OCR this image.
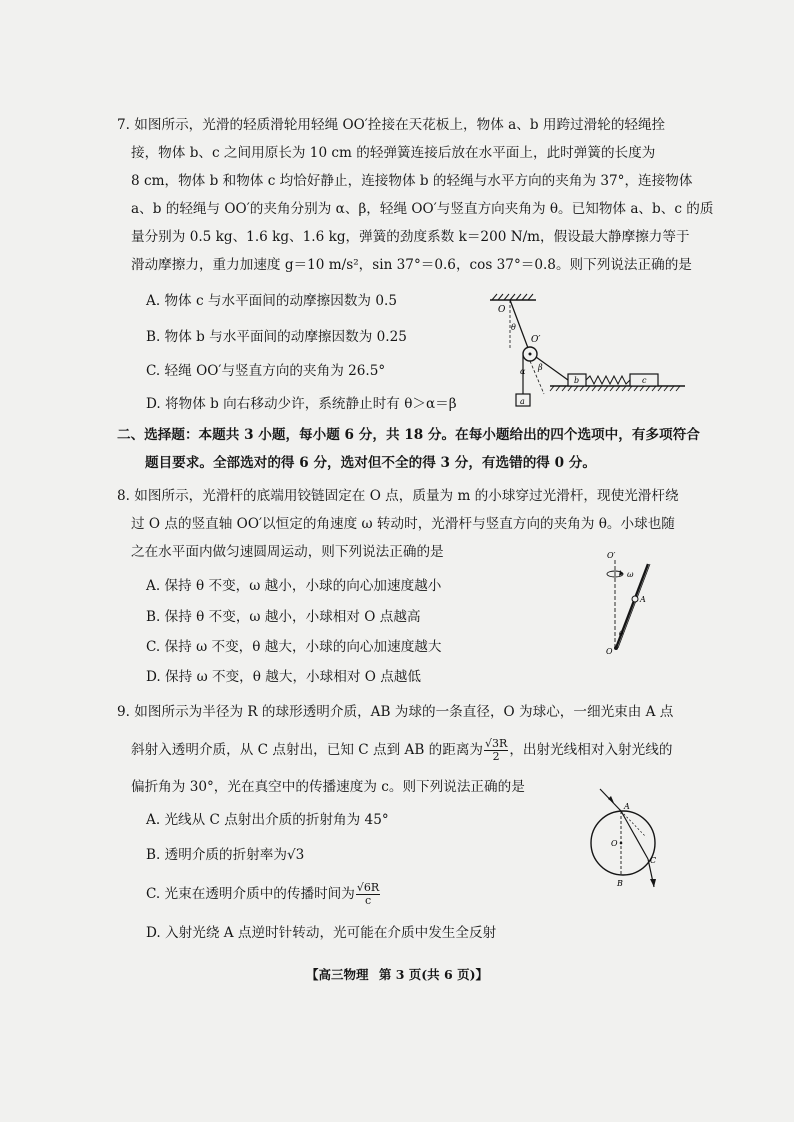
7. 如图所示，光滑的轻质滑轮用轻绳 OO′拴接在天花板上，物体 a、b 用跨过滑轮的轻绳拴
接，物体 b、c 之间用原长为 10 cm 的轻弹簧连接后放在水平面上，此时弹簧的长度为
8 cm，物体 b 和物体 c 均恰好静止，连接物体 b 的轻绳与水平方向的夹角为 37°，连接物体
a、b 的轻绳与 OO′的夹角分别为 α、β，轻绳 OO′与竖直方向夹角为 θ。已知物体 a、b、c 的质
量分别为 0.5 kg、1.6 kg、1.6 kg，弹簧的劲度系数 k＝200 N/m，假设最大静摩擦力等于
滑动摩擦力，重力加速度 g＝10 m/s²，sin 37°＝0.6，cos 37°＝0.8。则下列说法正确的是
A. 物体 c 与水平面间的动摩擦因数为 0.5
B. 物体 b 与水平面间的动摩擦因数为 0.25
C. 轻绳 OO′与竖直方向的夹角为 26.5°
D. 将物体 b 向右移动少许，系统静止时有 θ＞α＝β
O
θ
O′
α β
a
b	c
二、选择题：本题共 3 小题，每小题 6 分，共 18 分。在每小题给出的四个选项中，有多项符合
题目要求。全部选对的得 6 分，选对但不全的得 3 分，有选错的得 0 分。
8. 如图所示，光滑杆的底端用铰链固定在 O 点，质量为 m 的小球穿过光滑杆，现使光滑杆绕
过 O 点的竖直轴 OO′以恒定的角速度 ω 转动时，光滑杆与竖直方向的夹角为 θ。小球也随
之在水平面内做匀速圆周运动，则下列说法正确的是
A. 保持 θ 不变，ω 越小，小球的向心加速度越小
B. 保持 θ 不变，ω 越小，小球相对 O 点越高
C. 保持 ω 不变，θ 越大，小球的向心加速度越大
D. 保持 ω 不变，θ 越大，小球相对 O 点越低
O′
ω
A
θ
O
9. 如图所示为半径为 R 的球形透明介质，AB 为球的一条直径，O 为球心，一细光束由 A 点
斜射入透明介质，从 C 点射出，已知 C 点到 AB 的距离为 $\frac{√3R}{2}$ ，出射光线相对入射光线的
偏折角为 30°，光在真空中的传播速度为 c。则下列说法正确的是
A. 光线从 C 点射出介质的折射角为 45°
B. 透明介质的折射率为√3
C. 光束在透明介质中的传播时间为 $\frac{√6R}{c}$
D. 入射光绕 A 点逆时针转动，光可能在介质中发生全反射
A
O
B
C
【高三物理 第 3 页(共 6 页)】
